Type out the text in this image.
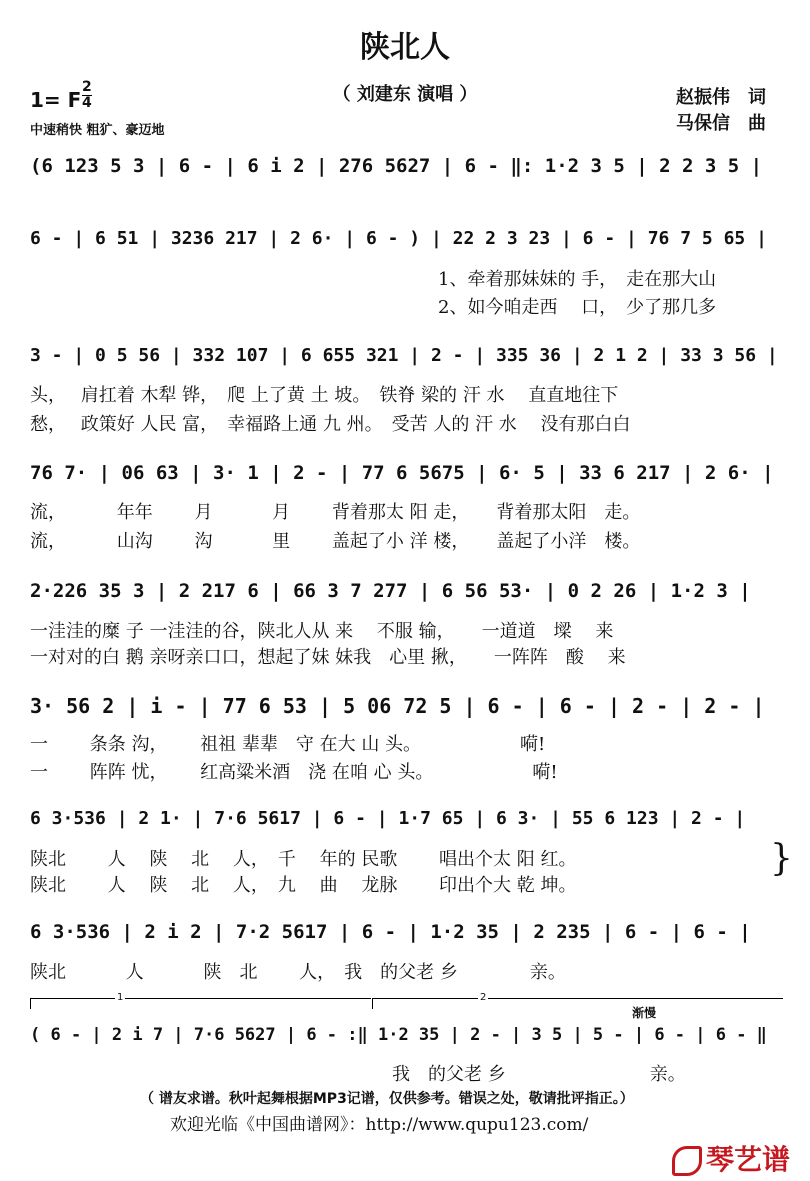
陕北人
（ 刘建东 演唱 ）
1= F
2
4
中速稍快 粗犷、豪迈地
赵振伟　词
马保信　曲
(6 123 5 3 | 6 - | 6 i 2 | 276 5627 | 6 - ‖: 1·2 3 5 | 2 2 3 5 |
6 - | 6 51 | 3236 217 | 2 6· | 6 - ) | 22 2 3 23 | 6 - | 76 7 5 65 |
1、牵着那妹妹的 手，　走在那大山
2、如今咱走西　 口，　少了那几多
3 - | 0 5 56 | 332 107 | 6 655 321 | 2 - | 335 36 | 2 1 2 | 33 3 56 |
头，　 肩扛着 木犁 铧，　爬 上了黄 土 坡。　铁脊 梁的 汗 水　 直直地往下
愁，　 政策好 人民 富，　幸福路上通 九 州。　受苦 人的 汗 水　 没有那白白
76 7· | 06 63 | 3· 1 | 2 - | 77 6 5675 | 6· 5 | 33 6 217 | 2 6· |
流，　　　 年年　　 月　　　 月　　 背着那太 阳 走，　　背着那太阳　走。
流，　　　 山沟　　 沟　　　 里　　 盖起了小 洋 楼，　　盖起了小洋　楼。
2·226 35 3 | 2 217 6 | 66 3 7 277 | 6 56 53· | 0 2 26 | 1·2 3 |
一洼洼的糜 子 一洼洼的谷，陕北人从 来　 不服 输，　　一道道　墚　 来
一对对的白 鹅 亲呀亲口口，想起了妹 妹我　心里 揪，　　一阵阵　酸　 来
3· 56 2 | i - | 77 6 53 | 5 06 72 5 | 6 - | 6 - | 2 - | 2 - |
一　　 条条 沟，　　 祖祖 辈辈　守 在大 山 头。　　　　　　嗬!
一　　 阵阵 忧，　　 红高粱米酒　浇 在咱 心 头。　　　　　　嗬!
6 3·536 | 2 1· | 7·6 5617 | 6 - | 1·7 65 | 6 3· | 55 6 123 | 2 - |
陕北　　 人　 陕　 北　 人，　千　 年的 民歌　　 唱出个太 阳 红。
陕北　　 人　 陕　 北　 人，　九　 曲　 龙脉　　 印出个大 乾 坤。
}
6 3·536 | 2 i 2 | 7·2 5617 | 6 - | 1·2 35 | 2 235 | 6 - | 6 - |
陕北　　　 人　　　 陕　北　　 人，　我　的父老 乡　　　　亲。
1	2
渐慢
( 6 - | 2 i 7 | 7·6 5627 | 6 - :‖ 1·2 35 | 2 - | 3 5 | 5 - | 6 - | 6 - ‖
我　的父老 乡　　　　　　　　亲。
（ 谱友求谱。秋叶起舞根据MP3记谱，仅供参考。错误之处，敬请批评指正。）
欢迎光临《中国曲谱网》：http://www.qupu123.com/
琴艺谱
